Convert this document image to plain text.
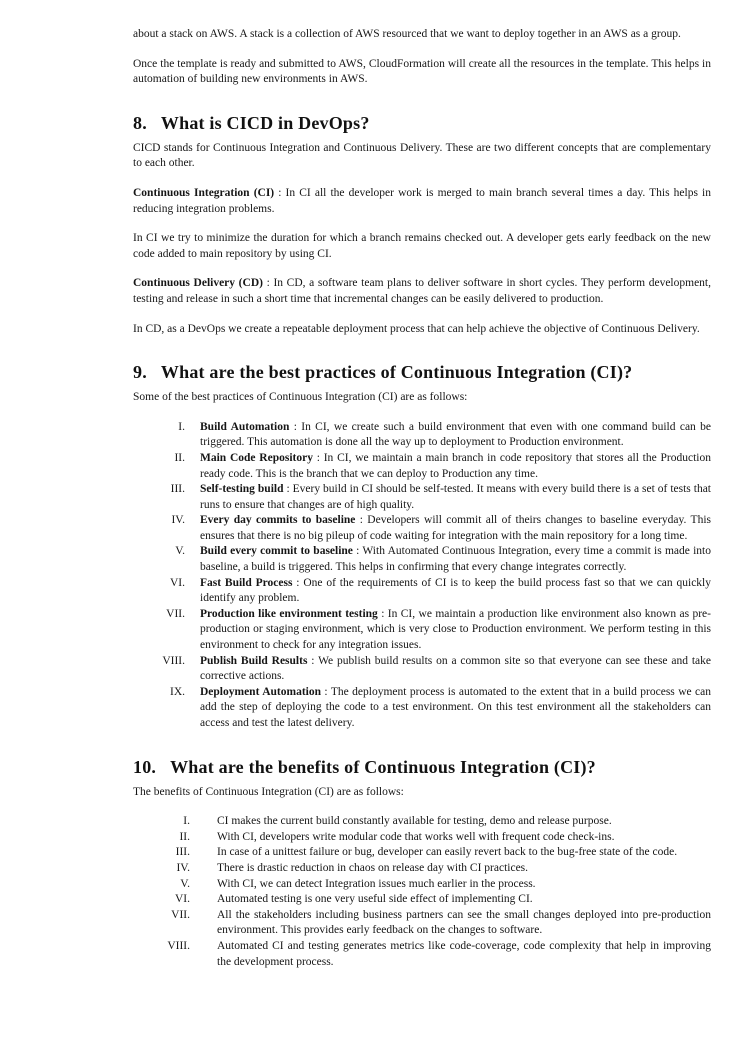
about a stack on AWS. A stack is a collection of AWS resourced that we want to deploy together in an AWS as a group.

Once the template is ready and submitted to AWS, CloudFormation will create all the resources in the template. This helps in automation of building new environments in AWS.

8. What is CICD in DevOps?

CICD stands for Continuous Integration and Continuous Delivery. These are two different concepts that are complementary to each other.

Continuous Integration (CI) : In CI all the developer work is merged to main branch several times a day. This helps in reducing integration problems.

In CI we try to minimize the duration for which a branch remains checked out. A developer gets early feedback on the new code added to main repository by using CI.

Continuous Delivery (CD) : In CD, a software team plans to deliver software in short cycles. They perform development, testing and release in such a short time that incremental changes can be easily delivered to production.

In CD, as a DevOps we create a repeatable deployment process that can help achieve the objective of Continuous Delivery.

9. What are the best practices of Continuous Integration (CI)?

Some of the best practices of Continuous Integration (CI) are as follows:

I.	Build Automation : In CI, we create such a build environment that even with one command build can be triggered. This automation is done all the way up to deployment to Production environment.
II.	Main Code Repository : In CI, we maintain a main branch in code repository that stores all the Production ready code. This is the branch that we can deploy to Production any time.
III.	Self-testing build : Every build in CI should be self-tested. It means with every build there is a set of tests that runs to ensure that changes are of high quality.
IV.	Every day commits to baseline : Developers will commit all of theirs changes to baseline everyday. This ensures that there is no big pileup of code waiting for integration with the main repository for a long time.
V.	Build every commit to baseline : With Automated Continuous Integration, every time a commit is made into baseline, a build is triggered. This helps in confirming that every change integrates correctly.
VI.	Fast Build Process : One of the requirements of CI is to keep the build process fast so that we can quickly identify any problem.
VII.	Production like environment testing : In CI, we maintain a production like environment also known as pre-production or staging environment, which is very close to Production environment. We perform testing in this environment to check for any integration issues.
VIII.	Publish Build Results : We publish build results on a common site so that everyone can see these and take corrective actions.
IX.	Deployment Automation : The deployment process is automated to the extent that in a build process we can add the step of deploying the code to a test environment. On this test environment all the stakeholders can access and test the latest delivery.
10. What are the benefits of Continuous Integration (CI)?

The benefits of Continuous Integration (CI) are as follows:

I.	CI makes the current build constantly available for testing, demo and release purpose.
II.	With CI, developers write modular code that works well with frequent code check-ins.
III.	In case of a unittest failure or bug, developer can easily revert back to the bug-free state of the code.
IV.	There is drastic reduction in chaos on release day with CI practices.
V.	With CI, we can detect Integration issues much earlier in the process.
VI.	Automated testing is one very useful side effect of implementing CI.
VII.	All the stakeholders including business partners can see the small changes deployed into pre-production environment. This provides early feedback on the changes to software.
VIII.	Automated CI and testing generates metrics like code-coverage, code complexity that help in improving the development process.
